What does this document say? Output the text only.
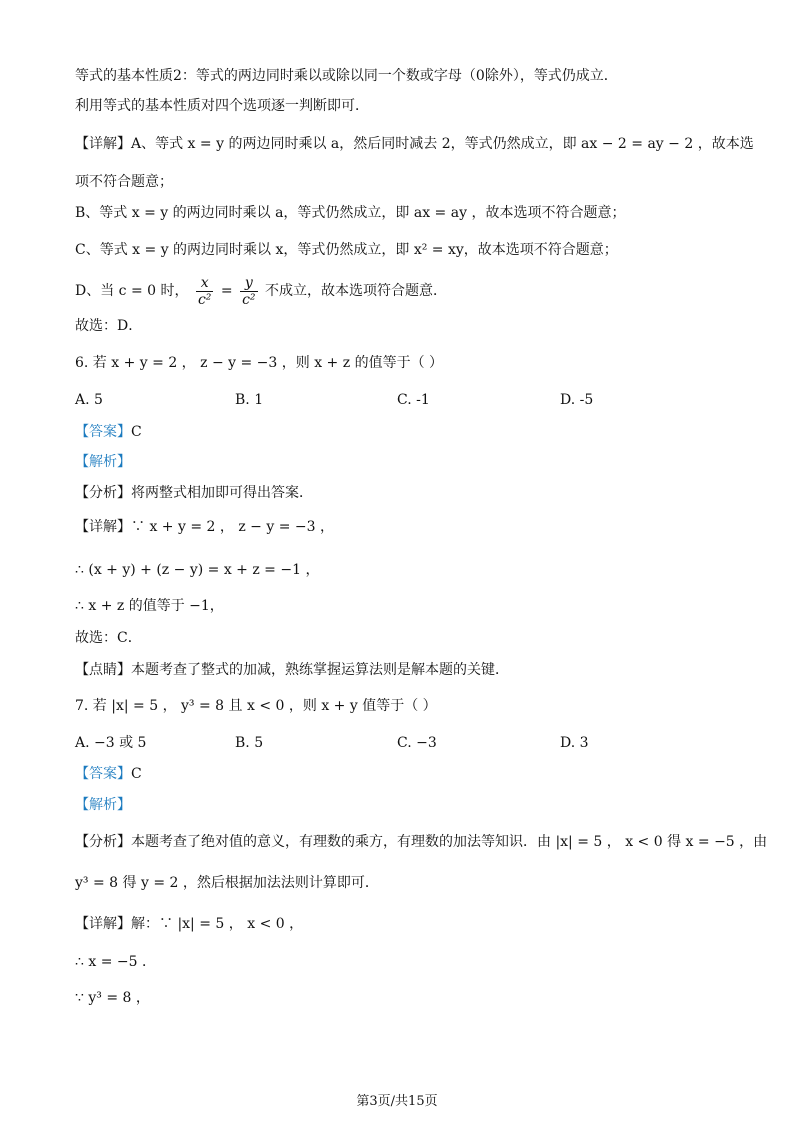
等式的基本性质2：等式的两边同时乘以或除以同一个数或字母（0除外），等式仍成立．
利用等式的基本性质对四个选项逐一判断即可．
【详解】A、等式 x = y 的两边同时乘以 a，然后同时减去 2，等式仍然成立，即 ax − 2 = ay − 2 ，故本选
项不符合题意；
B、等式 x = y 的两边同时乘以 a，等式仍然成立，即 ax = ay ，故本选项不符合题意；
C、等式 x = y 的两边同时乘以 x，等式仍然成立，即 x² = xy，故本选项不符合题意；
D、当 c = 0 时， $\frac{x}{\text{c²}} = \frac{y}{\text{c²}}$ 不成立，故本选项符合题意．
故选：D．
6. 若 x + y = 2 ， z − y = −3 ，则 x + z 的值等于（ ）
A. 5	B. 1	C. -1	D. -5
【答案】C
【解析】
【分析】将两整式相加即可得出答案．
【详解】∵ x + y = 2 ， z − y = −3 ，
∴ (x + y) + (z − y) = x + z = −1 ，
∴ x + z 的值等于 −1，
故选：C．
【点睛】本题考查了整式的加减，熟练掌握运算法则是解本题的关键．
7. 若 |x| = 5 ， y³ = 8 且 x < 0 ，则 x + y 值等于（ ）
A. −3 或 5	B. 5	C. −3	D. 3
【答案】C
【解析】
【分析】本题考查了绝对值的意义，有理数的乘方，有理数的加法等知识．由 |x| = 5 ， x < 0 得 x = −5 ，由
y³ = 8 得 y = 2 ，然后根据加法法则计算即可．
【详解】解：∵ |x| = 5 ， x < 0 ，
∴ x = −5 ．
∵ y³ = 8 ，
第3页/共15页
